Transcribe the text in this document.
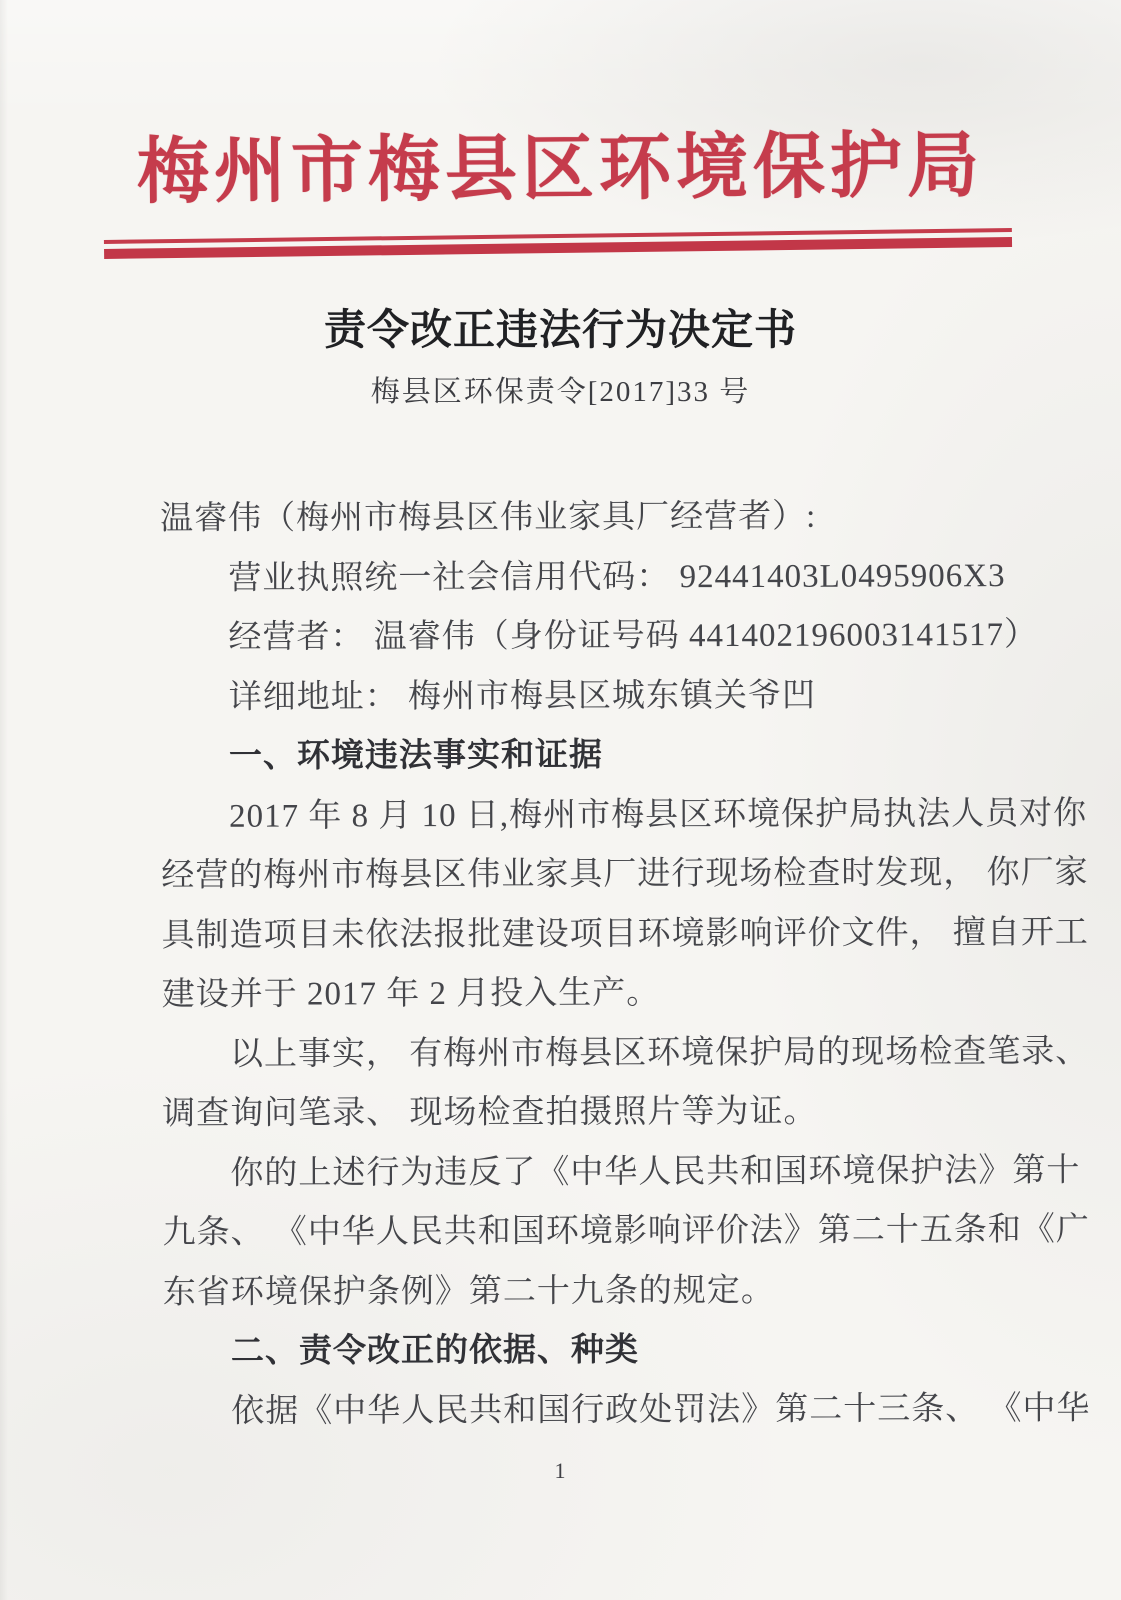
梅州市梅县区环境保护局
责令改正违法行为决定书
梅县区环保责令[2017]33 号
温睿伟（梅州市梅县区伟业家具厂经营者）:
营业执照统一社会信用代码： 92441403L0495906X3
经营者： 温睿伟（身份证号码 441402196003141517）
详细地址： 梅州市梅县区城东镇关爷凹
一、环境违法事实和证据
2017 年 8 月 10 日,梅州市梅县区环境保护局执法人员对你
经营的梅州市梅县区伟业家具厂进行现场检查时发现， 你厂家
具制造项目未依法报批建设项目环境影响评价文件， 擅自开工
建设并于 2017 年 2 月投入生产。
以上事实， 有梅州市梅县区环境保护局的现场检查笔录、
调查询问笔录、 现场检查拍摄照片等为证。
你的上述行为违反了《中华人民共和国环境保护法》第十
九条、 《中华人民共和国环境影响评价法》第二十五条和《广
东省环境保护条例》第二十九条的规定。
二、责令改正的依据、种类
依据《中华人民共和国行政处罚法》第二十三条、 《中华
1
